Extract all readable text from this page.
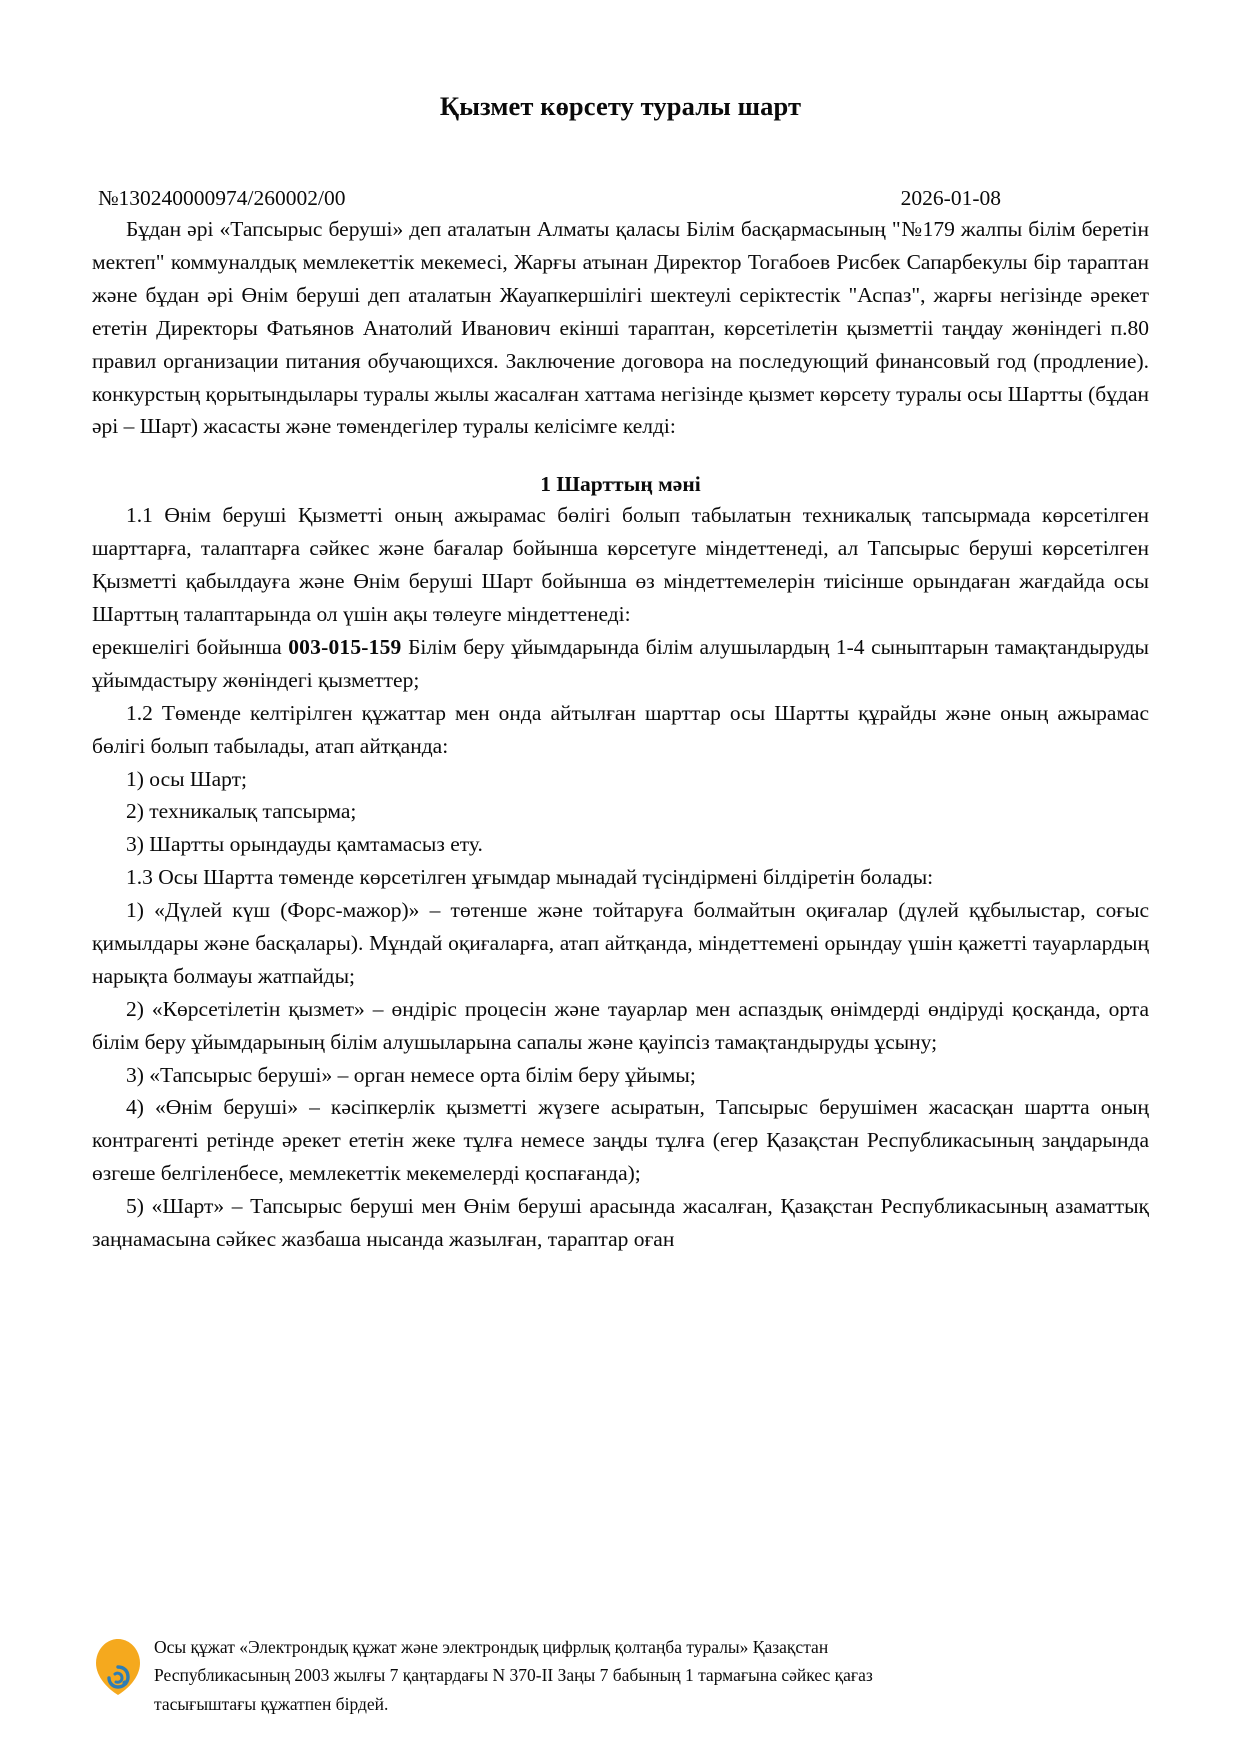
Қызмет көрсету туралы шарт
№130240000974/260002/00	2026-01-08

Бұдан әрі «Тапсырыс беруші» деп аталатын Алматы қаласы Білім басқармасының "№179 жалпы білім беретін мектеп" коммуналдық мемлекеттік мекемесі, Жарғы атынан Директор Тогабоев Рисбек Сапарбекулы бір тараптан және бұдан әрі Өнім беруші деп аталатын Жауапкершілігі шектеулі серіктестік "Аспаз", жарғы негізінде әрекет ететін Директоры Фатьянов Анатолий Иванович екінші тараптан, көрсетілетін қызметтіі таңдау жөніндегі п.80 правил организации питания обучающихся. Заключение договора на последующий финансовый год (продление). конкурстың қорытындылары туралы жылы жасалған хаттама негізінде қызмет көрсету туралы осы Шартты (бұдан әрі – Шарт) жасасты және төмендегілер туралы келісімге келді:

1 Шарттың мәні

1.1 Өнім беруші Қызметті оның ажырамас бөлігі болып табылатын техникалық тапсырмада көрсетілген шарттарға, талаптарға сәйкес және бағалар бойынша көрсетуге міндеттенеді, ал Тапсырыс беруші көрсетілген Қызметті қабылдауға және Өнім беруші Шарт бойынша өз міндеттемелерін тиісінше орындаған жағдайда осы Шарттың талаптарында ол үшін ақы төлеуге міндеттенеді:

ерекшелігі бойынша 003-015-159 Білім беру ұйымдарында білім алушылардың 1-4 сыныптарын тамақтандыруды ұйымдастыру жөніндегі қызметтер;

1.2 Төменде келтірілген құжаттар мен онда айтылған шарттар осы Шартты құрайды және оның ажырамас бөлігі болып табылады, атап айтқанда:

1) осы Шарт;

2) техникалық тапсырма;

3) Шартты орындауды қамтамасыз ету.

1.3 Осы Шартта төменде көрсетілген ұғымдар мынадай түсіндірмені білдіретін болады:

1) «Дүлей күш (Форс-мажор)» – төтенше және тойтаруға болмайтын оқиғалар (дүлей құбылыстар, соғыс қимылдары және басқалары). Мұндай оқиғаларға, атап айтқанда, міндеттемені орындау үшін қажетті тауарлардың нарықта болмауы жатпайды;

2) «Көрсетілетін қызмет» – өндіріс процесін және тауарлар мен аспаздық өнімдерді өндіруді қосқанда, орта білім беру ұйымдарының білім алушыларына сапалы және қауіпсіз тамақтандыруды ұсыну;

3) «Тапсырыс беруші» – орган немесе орта білім беру ұйымы;

4) «Өнім беруші» – кәсіпкерлік қызметті жүзеге асыратын, Тапсырыс берушімен жасасқан шартта оның контрагенті ретінде әрекет ететін жеке тұлға немесе заңды тұлға (егер Қазақстан Республикасының заңдарында өзгеше белгіленбесе, мемлекеттік мекемелерді қоспағанда);

5) «Шарт» – Тапсырыс беруші мен Өнім беруші арасында жасалған, Қазақстан Республикасының азаматтық заңнамасына сәйкес жазбаша нысанда жазылған, тараптар оған

Осы құжат «Электрондық құжат және электрондық цифрлық қолтаңба туралы» Қазақстан
Республикасының 2003 жылғы 7 қаңтардағы N 370-II Заңы 7 бабының 1 тармағына сәйкес қағаз
тасығыштағы құжатпен бірдей.
